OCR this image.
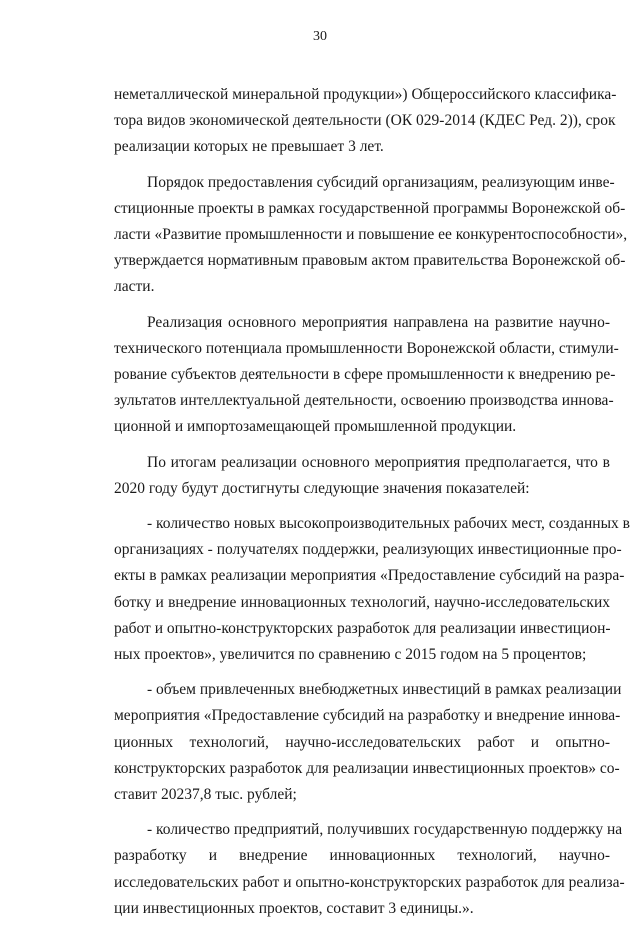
30
неметаллической минеральной продукции») Общероссийского классифика-
тора видов экономической деятельности (ОК 029-2014 (КДЕС Ред. 2)), срок
реализации которых не превышает 3 лет.
Порядок предоставления субсидий организациям, реализующим инве-
стиционные проекты в рамках государственной программы Воронежской об-
ласти «Развитие промышленности и повышение ее конкурентоспособности»,
утверждается нормативным правовым актом правительства Воронежской об-
ласти.
Реализация основного мероприятия направлена на развитие научно-
технического потенциала промышленности Воронежской области, стимули-
рование субъектов деятельности в сфере промышленности к внедрению ре-
зультатов интеллектуальной деятельности, освоению производства иннова-
ционной и импортозамещающей промышленной продукции.
По итогам реализации основного мероприятия предполагается, что в
2020 году будут достигнуты следующие значения показателей:
- количество новых высокопроизводительных рабочих мест, созданных в
организациях - получателях поддержки, реализующих инвестиционные про-
екты в рамках реализации мероприятия «Предоставление субсидий на разра-
ботку и внедрение инновационных технологий, научно-исследовательских
работ и опытно-конструкторских разработок для реализации инвестицион-
ных проектов», увеличится по сравнению с 2015 годом на 5 процентов;
- объем привлеченных внебюджетных инвестиций в рамках реализации
мероприятия «Предоставление субсидий на разработку и внедрение иннова-
ционных технологий, научно-исследовательских работ и опытно-
конструкторских разработок для реализации инвестиционных проектов» со-
ставит 20237,8 тыс. рублей;
- количество предприятий, получивших государственную поддержку на
разработку и внедрение инновационных технологий, научно-
исследовательских работ и опытно-конструкторских разработок для реализа-
ции инвестиционных проектов, составит 3 единицы.».
